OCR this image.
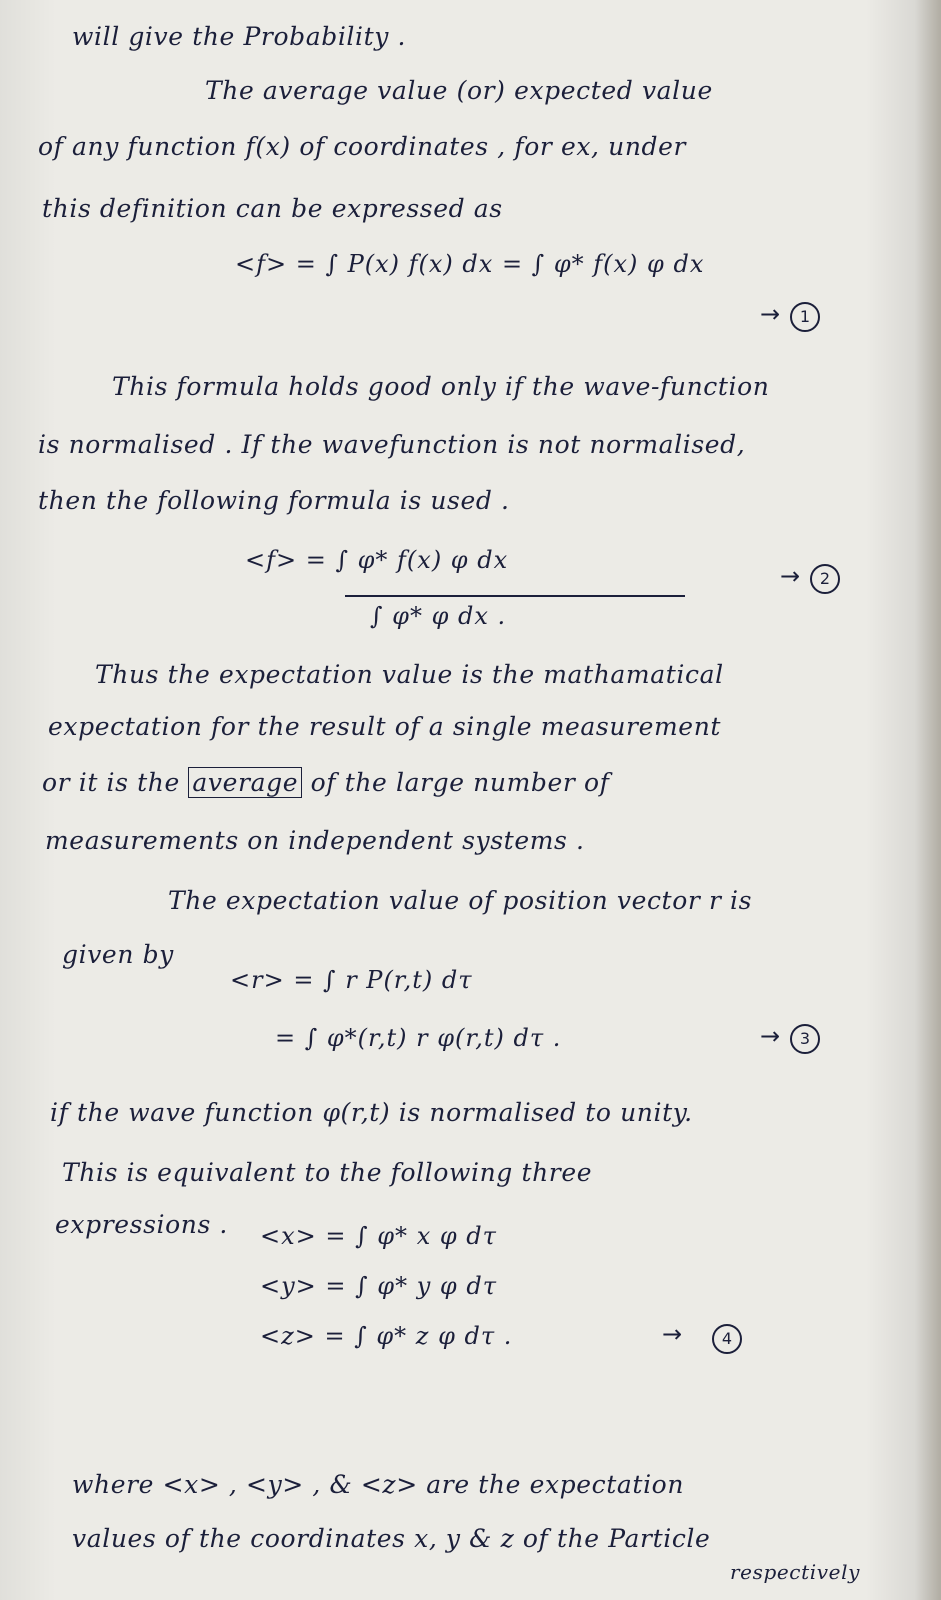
will give the Probability .
The average value (or) expected value
of any function f(x) of coordinates , for ex, under
this definition can be expressed as
<f> = ∫ P(x) f(x) dx = ∫ φ* f(x) φ dx
→	1
This formula holds good only if the wave-function
is normalised . If the wavefunction is not normalised,
then the following formula is used .
<f> = ∫ φ* f(x) φ dx
∫ φ* φ dx .
→	2
Thus the expectation value is the mathamatical
expectation for the result of a single measurement
or it is the average of the large number of
measurements on independent systems .
The expectation value of position vector r is
given by
<r> = ∫ r P(r,t) dτ
= ∫ φ*(r,t) r φ(r,t) dτ .	→	3
if the wave function φ(r,t) is normalised to unity.
This is equivalent to the following three
expressions . <x> = ∫ φ* x φ dτ
<y> = ∫ φ* y φ dτ
<z> = ∫ φ* z φ dτ .	→	4
where <x> , <y> , & <z> are the expectation
values of the coordinates x, y & z of the Particle
respectively
